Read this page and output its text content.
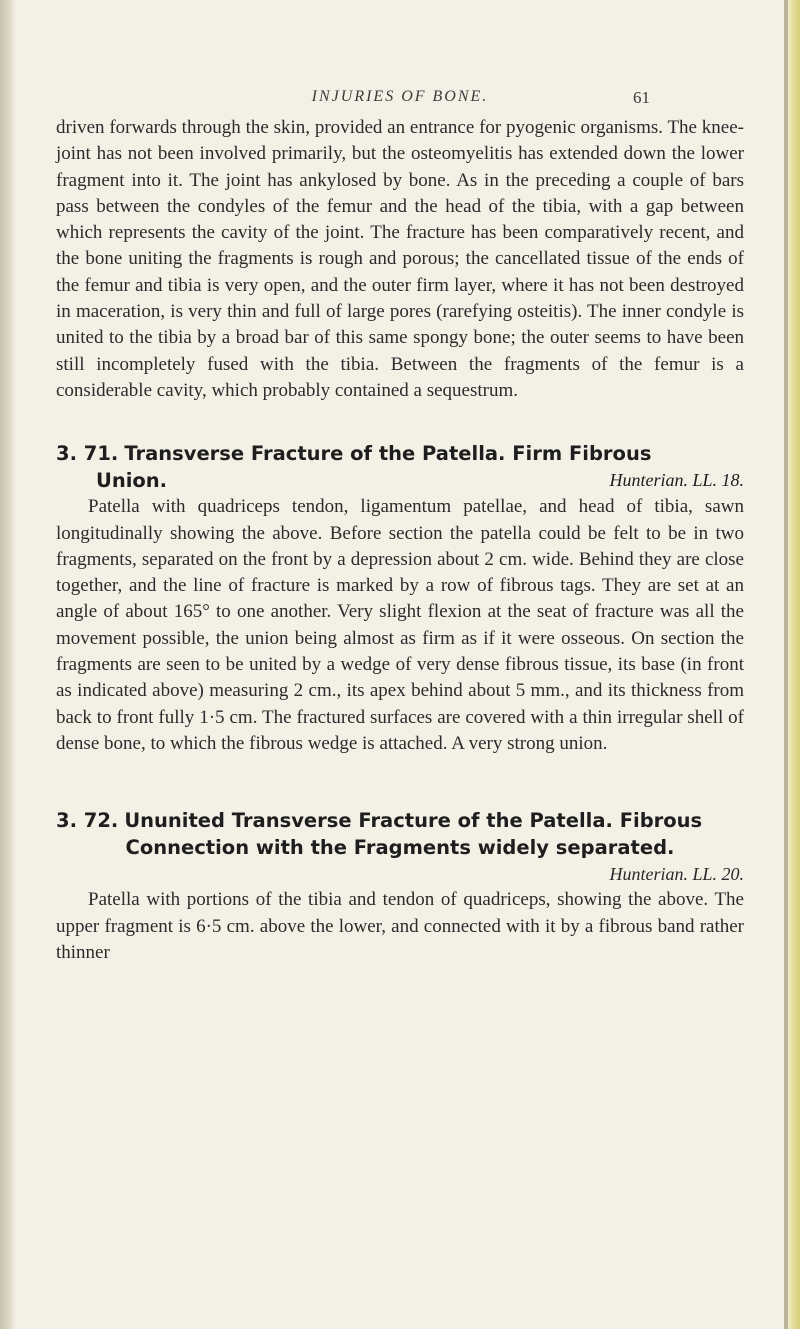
INJURIES OF BONE.	61

driven forwards through the skin, provided an entrance for pyogenic organisms. The knee-joint has not been involved primarily, but the osteomyelitis has extended down the lower fragment into it. The joint has ankylosed by bone. As in the preceding a couple of bars pass between the condyles of the femur and the head of the tibia, with a gap between which represents the cavity of the joint. The fracture has been comparatively recent, and the bone uniting the fragments is rough and porous; the cancellated tissue of the ends of the femur and tibia is very open, and the outer firm layer, where it has not been destroyed in maceration, is very thin and full of large pores (rarefying osteitis). The inner condyle is united to the tibia by a broad bar of this same spongy bone; the outer seems to have been still incompletely fused with the tibia. Between the fragments of the femur is a considerable cavity, which probably contained a sequestrum.

3. 71. Transverse Fracture of the Patella. Firm Fibrous

Union.	Hunterian. LL. 18.

Patella with quadriceps tendon, ligamentum patellae, and head of tibia, sawn longitudinally showing the above. Before section the patella could be felt to be in two fragments, separated on the front by a depression about 2 cm. wide. Behind they are close together, and the line of fracture is marked by a row of fibrous tags. They are set at an angle of about 165° to one another. Very slight flexion at the seat of fracture was all the movement possible, the union being almost as firm as if it were osseous. On section the fragments are seen to be united by a wedge of very dense fibrous tissue, its base (in front as indicated above) measuring 2 cm., its apex behind about 5 mm., and its thickness from back to front fully 1·5 cm. The fractured surfaces are covered with a thin irregular shell of dense bone, to which the fibrous wedge is attached. A very strong union.

3. 72. Ununited Transverse Fracture of the Patella. Fibrous

Connection with the Fragments widely separated.

Hunterian. LL. 20.

Patella with portions of the tibia and tendon of quadriceps, showing the above. The upper fragment is 6·5 cm. above the lower, and connected with it by a fibrous band rather thinner
